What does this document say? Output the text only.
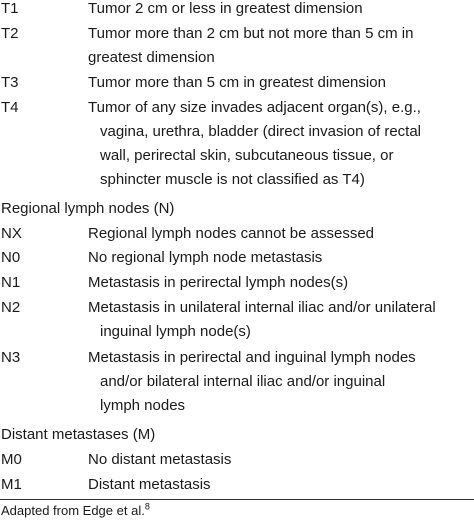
T1	Tumor 2 cm or less in greatest dimension
T2	Tumor more than 2 cm but not more than 5 cm in
greatest dimension
T3	Tumor more than 5 cm in greatest dimension
T4	Tumor of any size invades adjacent organ(s), e.g.,
vagina, urethra, bladder (direct invasion of rectal
wall, perirectal skin, subcutaneous tissue, or
sphincter muscle is not classified as T4)
Regional lymph nodes (N)
NX	Regional lymph nodes cannot be assessed
N0	No regional lymph node metastasis
N1	Metastasis in perirectal lymph nodes(s)
N2	Metastasis in unilateral internal iliac and/or unilateral
inguinal lymph node(s)
N3	Metastasis in perirectal and inguinal lymph nodes
and/or bilateral internal iliac and/or inguinal
lymph nodes
Distant metastases (M)
M0	No distant metastasis
M1	Distant metastasis
Adapted from Edge et al.$^8$
